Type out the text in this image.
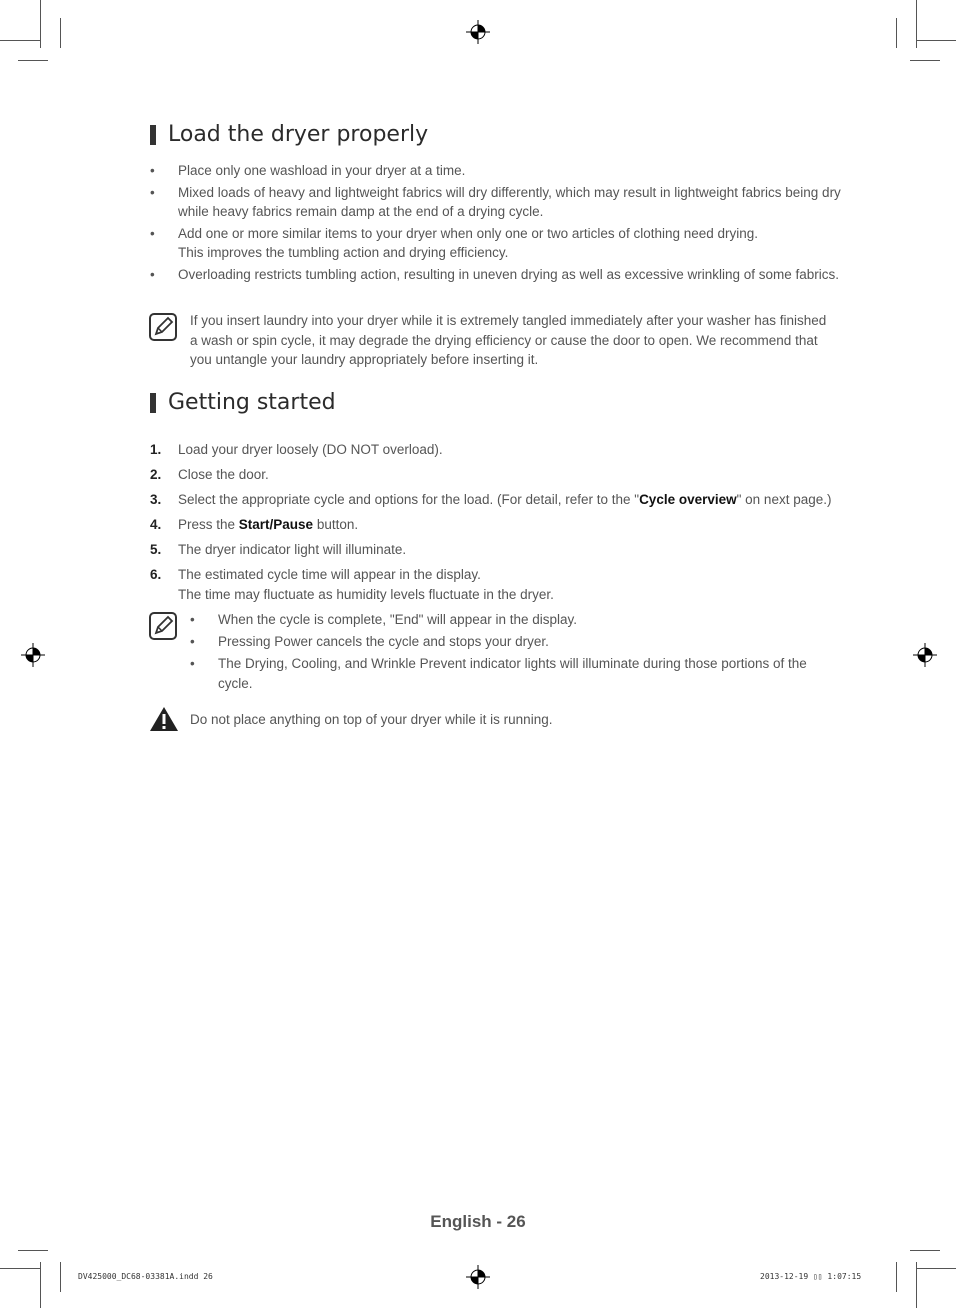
Load the dryer properly
• Place only one washload in your dryer at a time.
• Mixed loads of heavy and lightweight fabrics will dry differently, which may result in lightweight fabrics being dry while heavy fabrics remain damp at the end of a drying cycle.
• Add one or more similar items to your dryer when only one or two articles of clothing need drying.
This improves the tumbling action and drying efficiency.
• Overloading restricts tumbling action, resulting in uneven drying as well as excessive wrinkling of some fabrics.
If you insert laundry into your dryer while it is extremely tangled immediately after your washer has finished a wash or spin cycle, it may degrade the drying efficiency or cause the door to open. We recommend that you untangle your laundry appropriately before inserting it.
Getting started
1. Load your dryer loosely (DO NOT overload).
2. Close the door.
3. Select the appropriate cycle and options for the load. (For detail, refer to the "Cycle overview" on next page.)
4. Press the Start/Pause button.
5. The dryer indicator light will illuminate.
6. The estimated cycle time will appear in the display.
The time may fluctuate as humidity levels fluctuate in the dryer.
• When the cycle is complete, "End" will appear in the display.
• Pressing Power cancels the cycle and stops your dryer.
• The Drying, Cooling, and Wrinkle Prevent indicator lights will illuminate during those portions of the cycle.
Do not place anything on top of your dryer while it is running.
English - 26
DV425000_DC68-03381A.indd 26	2013-12-19 ▯▯ 1:07:15
